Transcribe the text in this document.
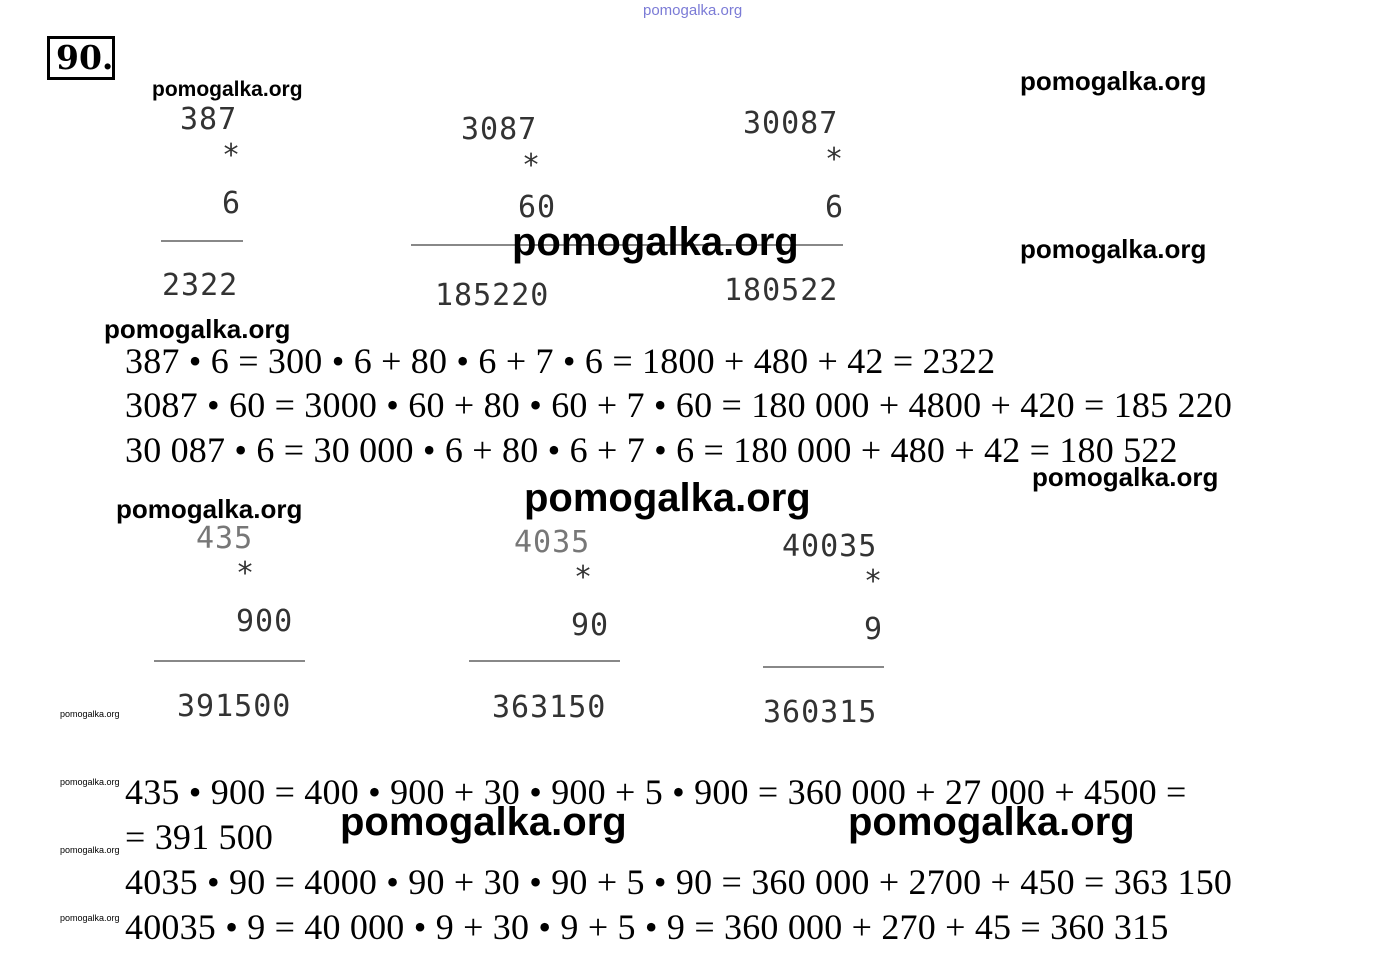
pomogalka.org
90.
pomogalka.org	pomogalka.org
pomogalka.org
pomogalka.org
387
*
6
2322
3087
*
60
185220
30087
*
6
180522
pomogalka.org
387 • 6 = 300 • 6 + 80 • 6 + 7 • 6 = 1800 + 480 + 42 = 2322
3087 • 60 = 3000 • 60 + 80 • 60 + 7 • 60 = 180 000 + 4800 + 420 = 185 220
30 087 • 6 = 30 000 • 6 + 80 • 6 + 7 • 6 = 180 000 + 480 + 42 = 180 522
pomogalka.org
pomogalka.org
pomogalka.org
435
*
900
391500
4035
*
90
363150
40035
*
9
360315
pomogalka.org
pomogalka.org
pomogalka.org
pomogalka.org
435 • 900 = 400 • 900 + 30 • 900 + 5 • 900 = 360 000 + 27 000 + 4500 =
= 391 500 pomogalka.org	pomogalka.org
4035 • 90 = 4000 • 90 + 30 • 90 + 5 • 90 = 360 000 + 2700 + 450 = 363 150
40035 • 9 = 40 000 • 9 + 30 • 9 + 5 • 9 = 360 000 + 270 + 45 = 360 315
